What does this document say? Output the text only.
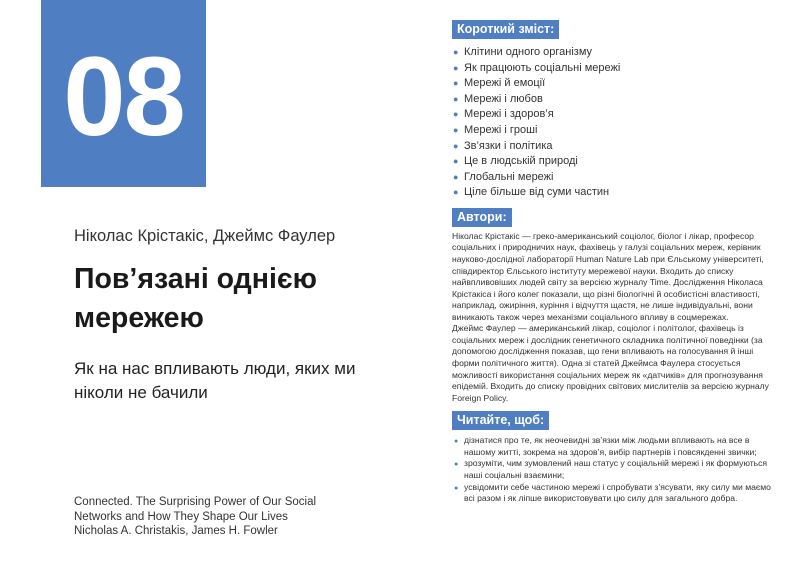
08
Ніколас Крістакіс, Джеймс Фаулер
Пов’язані однією мережею
Як на нас впливають люди, яких ми ніколи не бачили
Connected. The Surprising Power of Our Social
Networks and How They Shape Our Lives
Nicholas A. Christakis, James H. Fowler
Короткий зміст:
● Клітини одного організму
● Як працюють соціальні мережі
● Мережі й емоції
● Мережі і любов
● Мережі і здоров’я
● Мережі і гроші
● Зв’язки і політика
● Це в людській природі
● Глобальні мережі
● Ціле більше від суми частин
Автори:

Ніколас Крістакіс — греко-американський соціолог, біолог і лікар, професор соціальних і природничих наук, фахівець у галузі соціальних мереж, керівник науково-дослідної лабораторії Human Nature Lab при Єльському університеті, співдиректор Єльського інституту мережевої науки. Входить до списку найвпливовіших людей світу за версією журналу Time. Дослідження Ніколаса Крістакіса і його колег показали, що різні біологічні й особистісні властивості, наприклад, ожиріння, куріння і відчуття щастя, не лише індивідуальні, вони виникають також через механізми соціального впливу в соцмережах.

Джеймс Фаулер — американський лікар, соціолог і політолог, фахівець із соціальних мереж і дослідник генетичного складника політичної поведінки (за допомогою дослідження показав, що гени впливають на голосування й інші форми політичного життя). Одна зі статей Джеймса Фаулера стосується можливості використання соціальних мереж як «датчиків» для прогнозування епідемій. Входить до списку провідних світових мислителів за версією журналу Foreign Policy.

Читайте, щоб:
● дізнатися про те, як неочевидні зв’язки між людьми впливають на все в нашому житті, зокрема на здоров’я, вибір партнерів і повсякденні звички;
● зрозуміти, чим зумовлений наш статус у соціальній мережі і як формуються наші соціальні взаємини;
● усвідомити себе частиною мережі і спробувати з’ясувати, яку силу ми маємо всі разом і як ліпше використовувати цю силу для загального добра.
